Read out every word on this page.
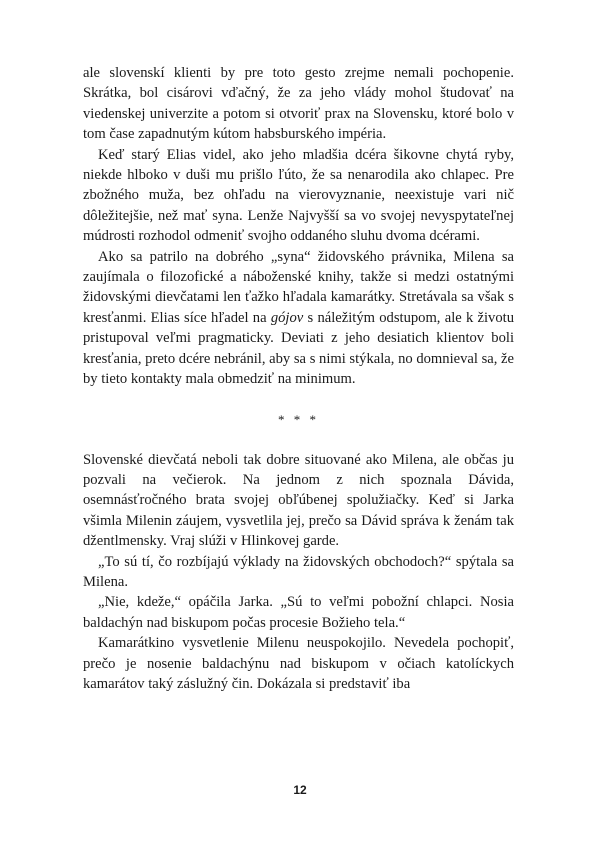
ale slovenskí klienti by pre toto gesto zrejme nemali pochopenie. Skrátka, bol cisárovi vďačný, že za jeho vlády mohol študovať na viedenskej univerzite a potom si otvoriť prax na Slovensku, ktoré bolo v tom čase zapadnutým kútom habsburského impéria.

Keď starý Elias videl, ako jeho mladšia dcéra šikovne chytá ryby, niekde hlboko v duši mu prišlo ľúto, že sa nenarodila ako chlapec. Pre zbožného muža, bez ohľadu na vierovyznanie, neexistuje vari nič dôležitejšie, než mať syna. Lenže Najvyšší sa vo svojej nevyspytateľnej múdrosti rozhodol odmeniť svojho oddaného sluhu dvoma dcérami.

Ako sa patrilo na dobrého „syna“ židovského právnika, Milena sa zaujímala o filozofické a náboženské knihy, takže si medzi ostatnými židovskými dievčatami len ťažko hľadala kamarátky. Stretávala sa však s kresťanmi. Elias síce hľadel na gójov s náležitým odstupom, ale k životu pristupoval veľmi pragmaticky. Deviati z jeho desiatich klientov boli kresťania, preto dcére nebránil, aby sa s nimi stýkala, no domnieval sa, že by tieto kontakty mala obmedziť na minimum.

* * *

Slovenské dievčatá neboli tak dobre situované ako Milena, ale občas ju pozvali na večierok. Na jednom z nich spoznala Dávida, osemnásťročného brata svojej obľúbenej spolužiačky. Keď si Jarka všimla Milenin záujem, vysvetlila jej, prečo sa Dávid správa k ženám tak džentlmensky. Vraj slúži v Hlinkovej garde.

„To sú tí, čo rozbíjajú výklady na židovských obchodoch?“ spýtala sa Milena.

„Nie, kdeže,“ opáčila Jarka. „Sú to veľmi pobožní chlapci. Nosia baldachýn nad biskupom počas procesie Božieho tela.“

Kamarátkino vysvetlenie Milenu neuspokojilo. Nevedela pochopiť, prečo je nosenie baldachýnu nad biskupom v očiach katolíckych kamarátov taký záslužný čin. Dokázala si predstaviť iba

12
